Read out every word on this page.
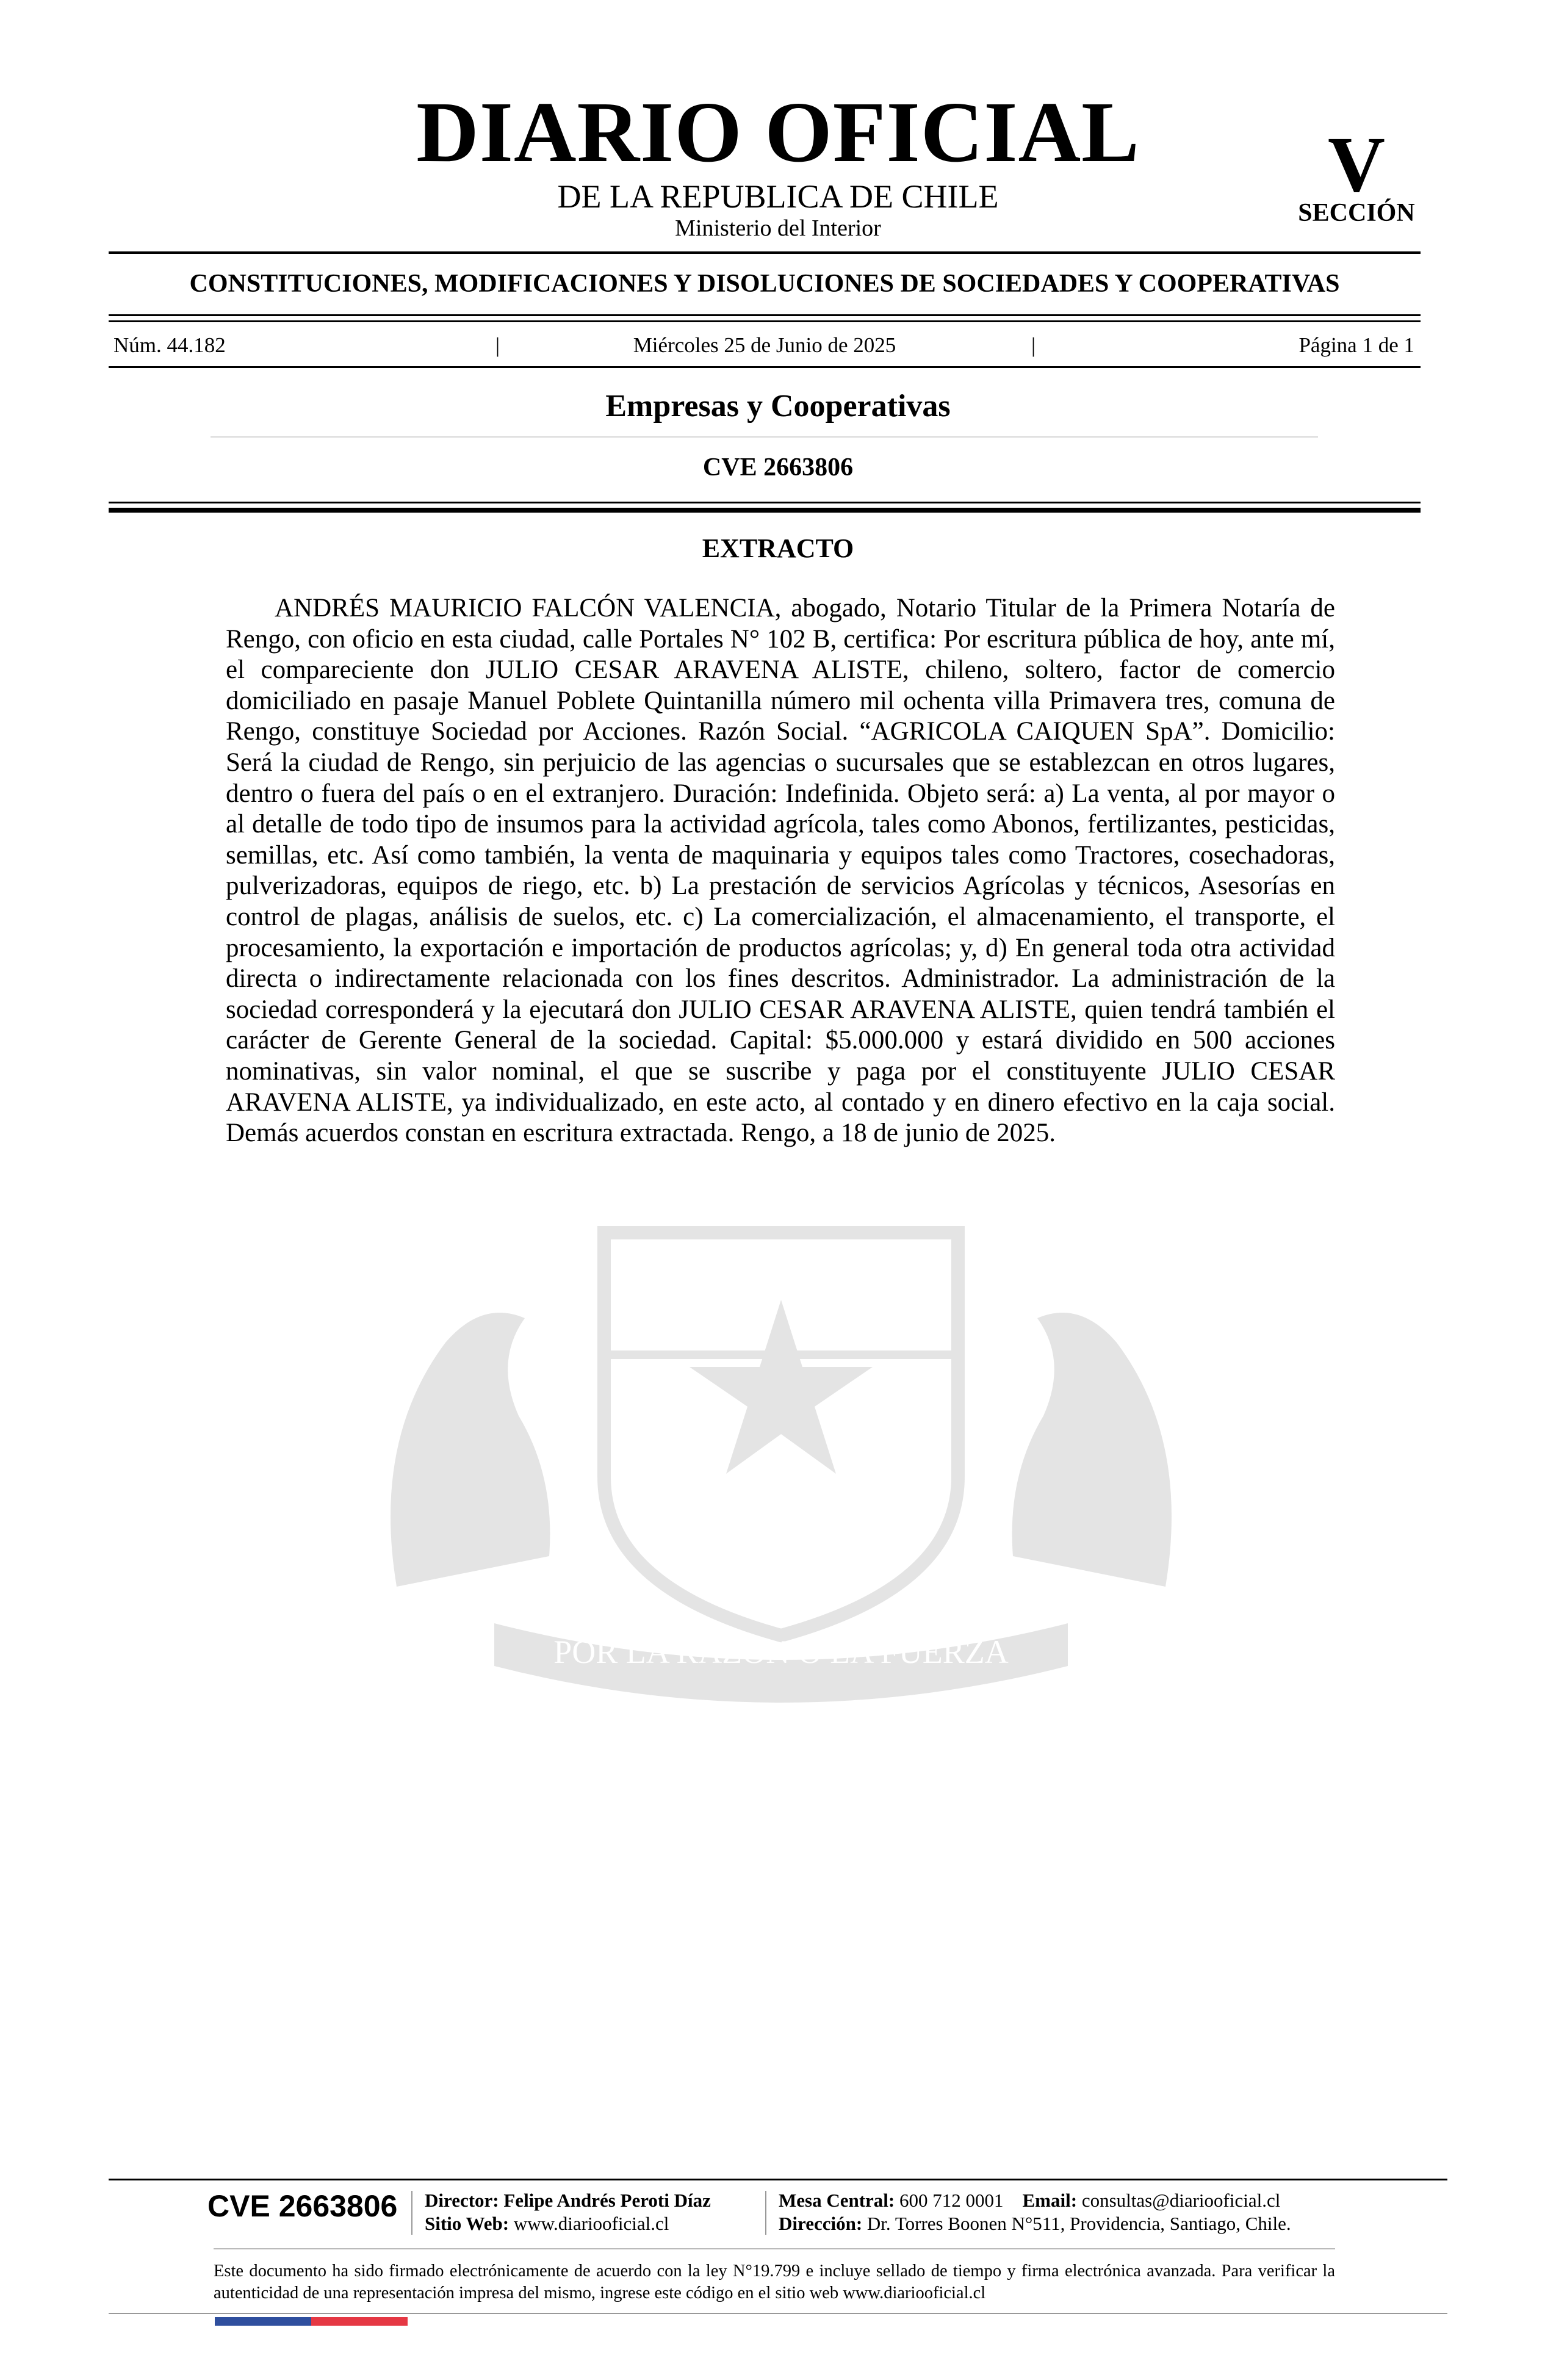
DIARIO OFICIAL
DE LA REPUBLICA DE CHILE
Ministerio del Interior
V
SECCIÓN
CONSTITUCIONES, MODIFICACIONES Y DISOLUCIONES DE SOCIEDADES Y COOPERATIVAS
Núm. 44.182	|	Miércoles 25 de Junio de 2025	|	Página 1 de 1
Empresas y Cooperativas
CVE 2663806
POR LA RAZON O LA FUERZA
EXTRACTO
ANDRÉS MAURICIO FALCÓN VALENCIA, abogado, Notario Titular de la Primera Notaría de Rengo, con oficio en esta ciudad, calle Portales N° 102 B, certifica: Por escritura pública de hoy, ante mí, el compareciente don JULIO CESAR ARAVENA ALISTE, chileno, soltero, factor de comercio domiciliado en pasaje Manuel Poblete Quintanilla número mil ochenta villa Primavera tres, comuna de Rengo, constituye Sociedad por Acciones. Razón Social. “AGRICOLA CAIQUEN SpA”. Domicilio: Será la ciudad de Rengo, sin perjuicio de las agencias o sucursales que se establezcan en otros lugares, dentro o fuera del país o en el extranjero. Duración: Indefinida. Objeto será: a) La venta, al por mayor o al detalle de todo tipo de insumos para la actividad agrícola, tales como Abonos, fertilizantes, pesticidas, semillas, etc. Así como también, la venta de maquinaria y equipos tales como Tractores, cosechadoras, pulverizadoras, equipos de riego, etc. b) La prestación de servicios Agrícolas y técnicos, Asesorías en control de plagas, análisis de suelos, etc. c) La comercialización, el almacenamiento, el transporte, el procesamiento, la exportación e importación de productos agrícolas; y, d) En general toda otra actividad directa o indirectamente relacionada con los fines descritos. Administrador. La administración de la sociedad corresponderá y la ejecutará don JULIO CESAR ARAVENA ALISTE, quien tendrá también el carácter de Gerente General de la sociedad. Capital: $5.000.000 y estará dividido en 500 acciones nominativas, sin valor nominal, el que se suscribe y paga por el constituyente JULIO CESAR ARAVENA ALISTE, ya individualizado, en este acto, al contado y en dinero efectivo en la caja social. Demás acuerdos constan en escritura extractada. Rengo, a 18 de junio de 2025.
CVE 2663806 Director: Felipe Andrés Peroti Díaz
Sitio Web: www.diariooficial.cl
Mesa Central: 600 712 0001 Email: consultas@diariooficial.cl
Dirección: Dr. Torres Boonen N°511, Providencia, Santiago, Chile.
Este documento ha sido firmado electrónicamente de acuerdo con la ley N°19.799 e incluye sellado de tiempo y firma electrónica avanzada. Para verificar la autenticidad de una representación impresa del mismo, ingrese este código en el sitio web www.diariooficial.cl
